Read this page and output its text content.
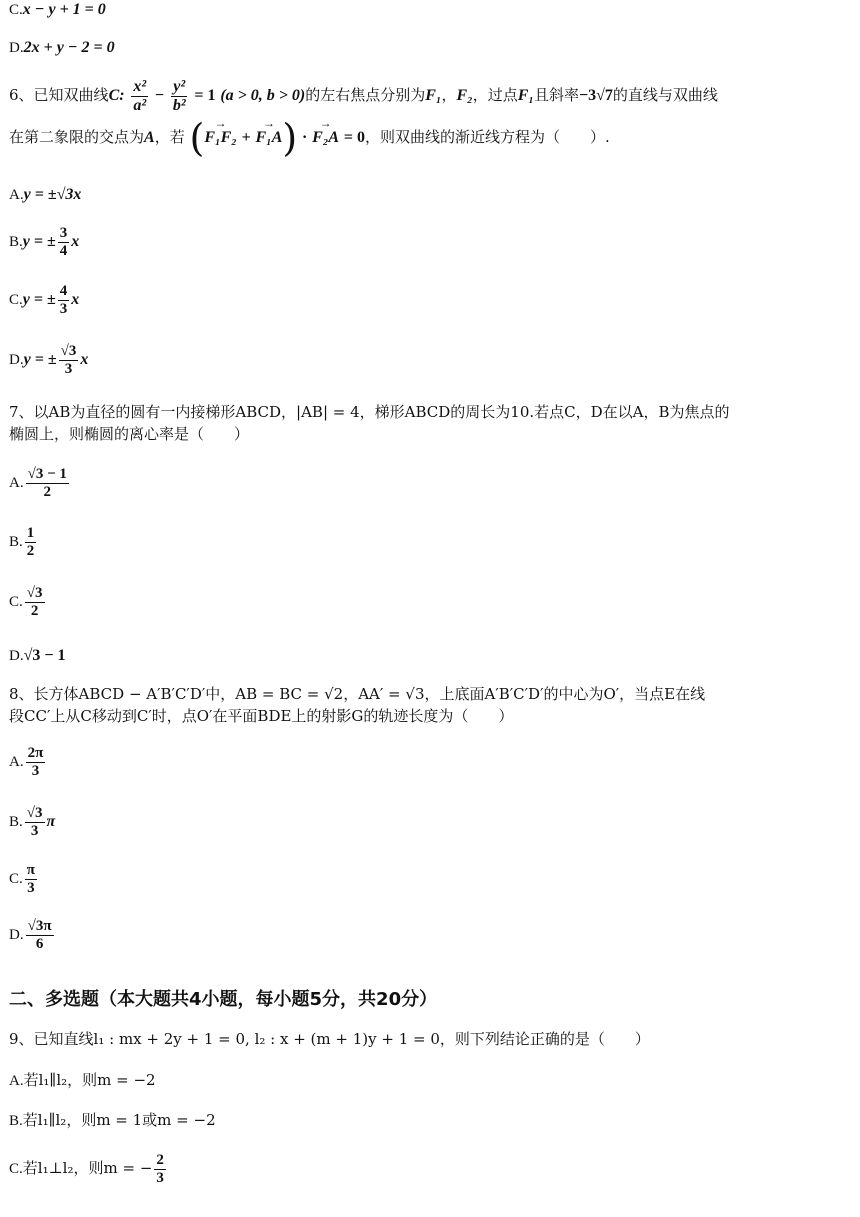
C.x − y + 1 = 0
D.2x + y − 2 = 0
6、已知双曲线C: $\frac{\text{x²}}{\text{a²}} - \frac{\text{y²}}{\text{b²}} = 1$ (a > 0, b > 0)的左右焦点分别为F₁，F₂，过点F₁且斜率−3√7的直线与双曲线
在第二象限的交点为A，若 (→ F₁F₂ + → F₁A) · → F₂A = 0，则双曲线的渐近线方程为（　　）.
A.y = ±√3x
B.y = ± $\frac{3}{4}$ x
C.y = ± $\frac{4}{3}$ x
D.y = ± $\frac{√3}{3}$ x
7、以AB为直径的圆有一内接梯形ABCD，|AB| = 4，梯形ABCD的周长为10.若点C，D在以A，B为焦点的
椭圆上，则椭圆的离心率是（　　）
A. $\frac{√3 - 1}{2}$
B. $\frac{1}{2}$
C. $\frac{√3}{2}$
D.√3 − 1
8、长方体ABCD − A′B′C′D′中，AB = BC = √2，AA′ = √3，上底面A′B′C′D′的中心为O′，当点E在线
段CC′上从C移动到C′时，点O′在平面BDE上的射影G的轨迹长度为（　　）
A. $\frac{2\pi}{3}$
B. $\frac{√3}{3}$ π
C. $\frac{\pi}{3}$
D. $\frac{√3\pi}{6}$
二、多选题（本大题共4小题，每小题5分，共20分）
9、已知直线l₁ : mx + 2y + 1 = 0, l₂ : x + (m + 1)y + 1 = 0，则下列结论正确的是（　　）
A.若l₁∥l₂，则m = −2
B.若l₁∥l₂，则m = 1或m = −2
C.若l₁⊥l₂，则m = − $\frac{2}{3}$
